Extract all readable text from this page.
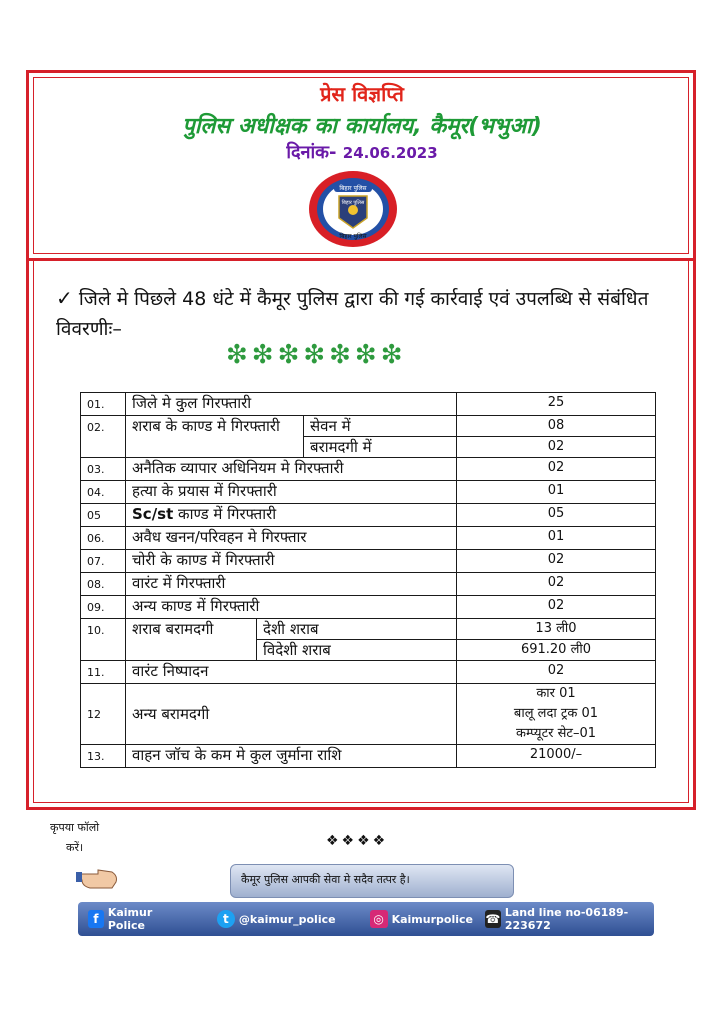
प्रेस विज्ञप्ति
पुलिस अधीक्षक का कार्यालय, कैमूर(भभुआ)
दिनांक- 24.06.2023
बिहार पुलिस
बिहार पुलिस
बिहार पुलिस
✓ जिले मे पिछले 48 धंटे में कैमूर पुलिस द्वारा की गई कार्रवाई एवं उपलब्धि से संबंधित विवरणीः–
❇❇❇❇❇❇❇
01.	जिले मे कुल गिरफ्तारी			25
02.	शराब के काण्ड मे गिरफ्तारी		सेवन में	08
			बरामदगी में	02
03.	अनैतिक व्यापार अधिनियम मे गिरफ्तारी			02
04.	हत्या के प्रयास में गिरफ्तारी			01
05	Sc/st काण्ड में गिरफ्तारी			05
06.	अवैध खनन/परिवहन मे गिरफ्तार			01
07.	चोरी के काण्ड में गिरफ्तारी			02
08.	वारंट में गिरफ्तारी			02
09.	अन्य काण्ड में गिरफ्तारी			02
10.	शराब बरामदगी	देशी शराब		13 ली0
		विदेशी शराब		691.20 ली0
11.	वारंट निष्पादन			02
12	अन्य बरामदगी			कार 01
बालू लदा ट्रक 01
कम्प्यूटर सेट–01

13.	वाहन जॉच के कम मे कुल जुर्माना राशि			21000/–
कृपया फॉलो
करें।	❖❖❖❖
कैमूर पुलिस आपकी सेवा मे सदैव तत्पर है।
f Kaimur Police	t @kaimur_police	◎ Kaimurpolice ☎ Land line no-06189-223672
